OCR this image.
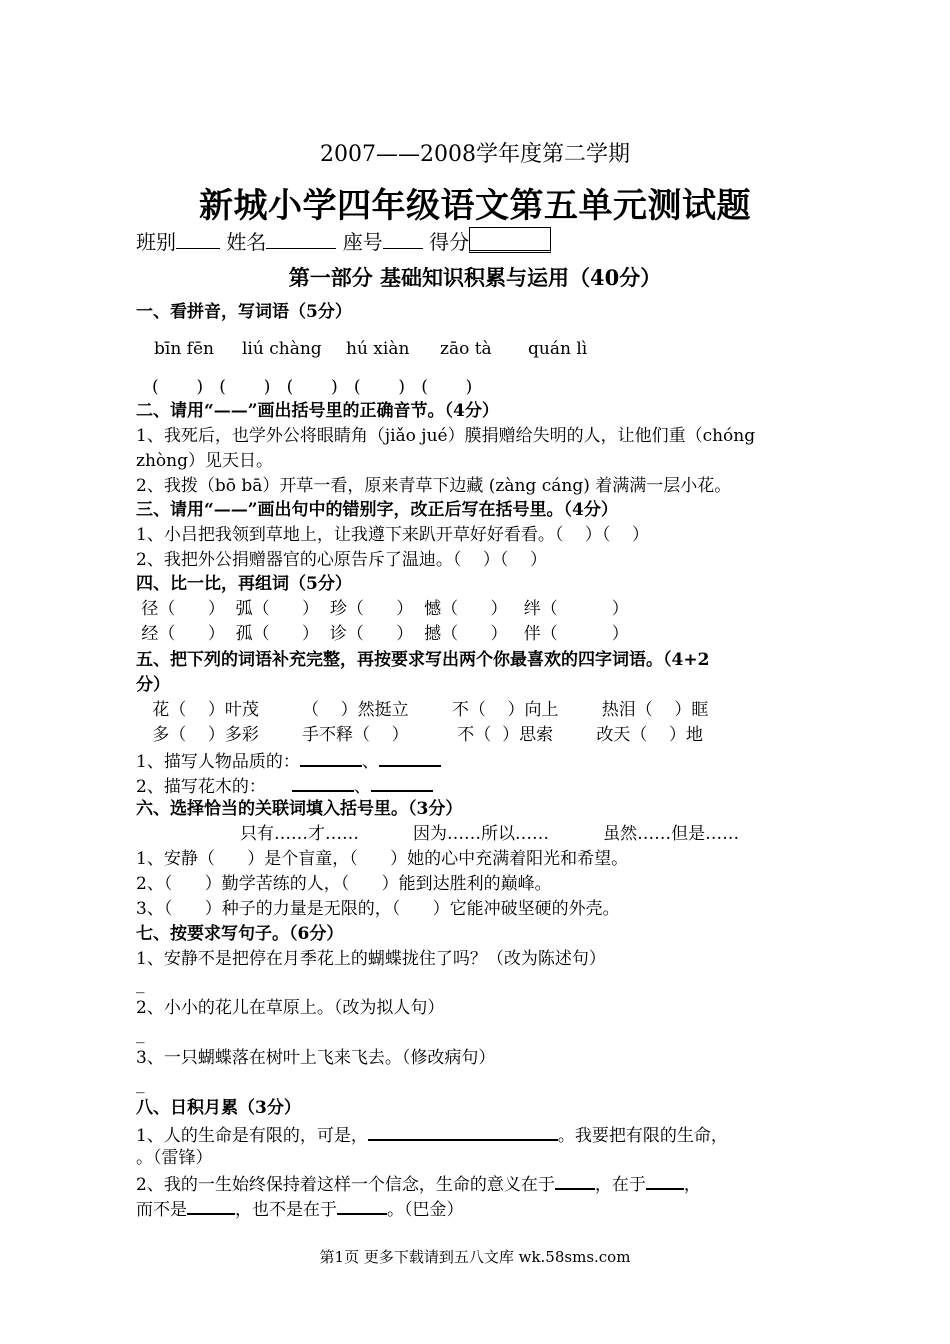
2007——2008学年度第二学期
新城小学四年级语文第五单元测试题
班别	姓名	座号 得分
第一部分 基础知识积累与运用（40分）
一、看拼音，写词语（5分）
bīn fēn liú chàng hú xiàn zāo tà quán lì
(       )   (       )   (       )   (       )   (       )
二、请用“——”画出括号里的正确音节。（4分）
1、我死后，也学外公将眼睛角（jiǎo jué）膜捐赠给失明的人，让他们重（chóng
zhòng）见天日。
2、我拨（bō bā）开草一看，原来青草下边藏 (zàng cáng) 着满满一层小花。
三、请用“——”画出句中的错别字，改正后写在括号里。（4分）
1、小吕把我领到草地上，让我遵下来趴开草好好看看。（    ）（    ）
2、我把外公捐赠器官的心原告斥了温迪。（    ）（    ）
四、比一比，再组词（5分）
径（      ）  弧（      ）  珍（      ）  憾（      ）   绊（          ）
经（      ）  孤（      ）  诊（      ）  撼（      ）   伴（          ）
五、把下列的词语补充完整，再按要求写出两个你最喜欢的四字词语。（4+2
分）
花（    ）叶茂        （    ）然挺立        不（    ）向上        热泪（    ）眶
多（    ）多彩        手不释（    ）         不（  ）思索        改天（    ）地
1、描写人物品质的：	、
2、描写花木的：	、
六、选择恰当的关联词填入括号里。（3分）
只有……才……          因为……所以……          虽然……但是……
1、安静（      ）是个盲童，（      ）她的心中充满着阳光和希望。
2、（      ）勤学苦练的人，（      ）能到达胜利的巅峰。
3、（      ）种子的力量是无限的，（      ）它能冲破坚硬的外壳。
七、按要求写句子。（6分）
1、安静不是把停在月季花上的蝴蝶拢住了吗？（改为陈述句）
_
2、小小的花儿在草原上。（改为拟人句）
_
3、一只蝴蝶落在树叶上飞来飞去。（修改病句）
_
八、日积月累（3分）
1、人的生命是有限的，可是，	。我要把有限的生命，
。（雷锋）
2、我的一生始终保持着这样一个信念，生命的意义在于 ，在于 ，
而不是	，也不是在于	。（巴金）
第1页 更多下载请到五八文库 wk.58sms.com
